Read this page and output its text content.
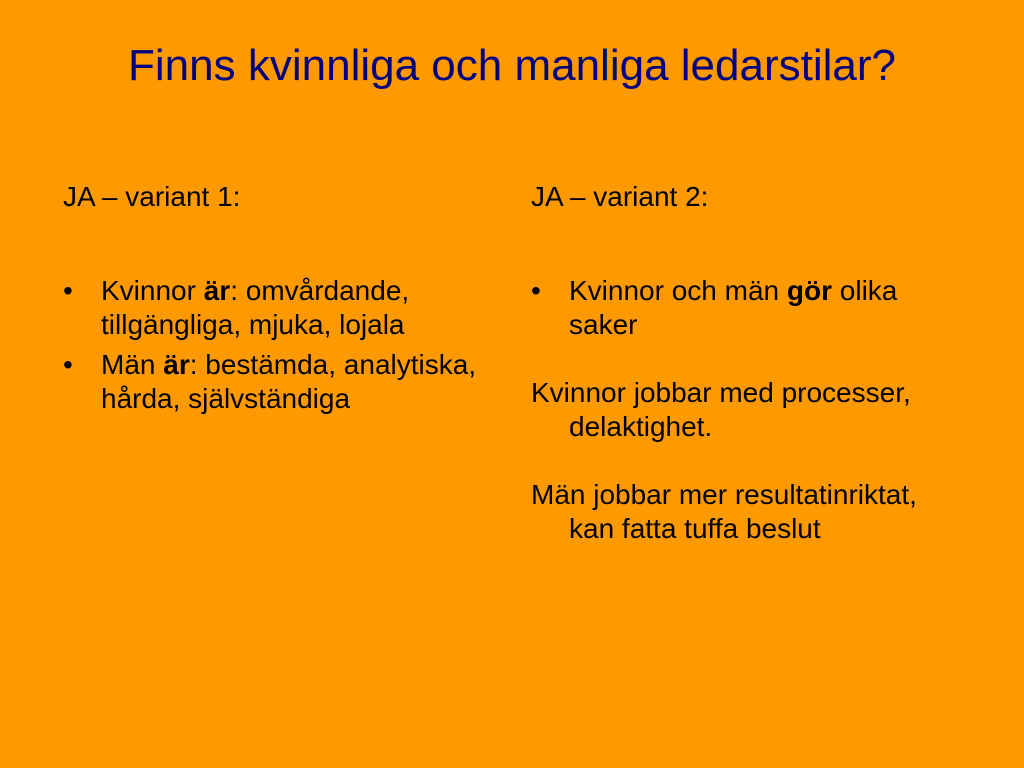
Finns kvinnliga och manliga ledarstilar?
JA – variant 1:
• Kvinnor är: omvårdande, tillgängliga, mjuka, lojala
• Män är: bestämda, analytiska, hårda, självständiga
JA – variant 2:
• Kvinnor och män gör olika saker

Kvinnor jobbar med processer, delaktighet.

Män jobbar mer resultatinriktat, kan fatta tuffa beslut
